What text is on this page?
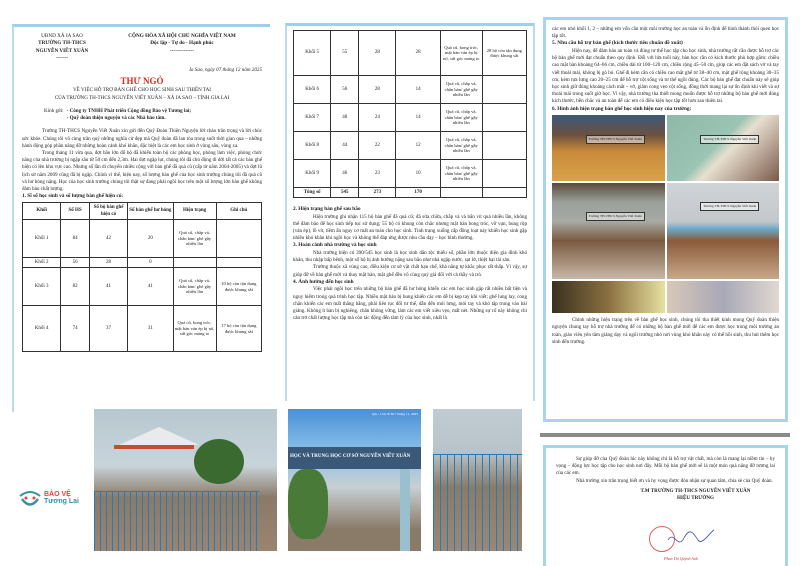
UBND XÃ IA SAO
TRƯỜNG TH-THCS
NGUYỄN VIẾT XUÂN
-------
CỘNG HÒA XÃ HỘI CHỦ NGHĨA VIỆT NAM
Độc lập - Tự do - Hạnh phúc
--------------
Ia Sao, ngày 07 tháng 12 năm 2025
THƯ NGỎ
VỀ VIỆC HỖ TRỢ BÀN GHẾ CHO HỌC SINH SAU THIÊN TAI
CỦA TRƯỜNG TH-THCS NGUYỄN VIẾT XUÂN – XÃ IA SAO – TỈNH GIA LAI
Kính gửi: - Công ty TNHH Phát triển Cộng đồng Bảo vệ Tương lai;
- Quỹ đoàn thiện nguyện và các Nhà hảo tâm.

Trường TH-THCS Nguyễn Viết Xuân xin gửi đến Quỹ Đoàn Thiện Nguyện lời chào trân trọng và lời chúc sức khỏe. Chúng tôi vô cùng trân quý những nghĩa cử đẹp mà Quỹ đoàn đã lan tỏa trong suốt thời gian qua – những hành động góp phần nâng đỡ những hoàn cảnh khó khăn, đặc biệt là các em học sinh ở vùng sâu, vùng xa.

Trong tháng 11 vừa qua, đợt bão lớn đổ bộ đã khiến toàn bộ các phòng học, phòng làm việc, phòng chức năng của nhà trường bị ngập sâu từ 50 cm đến 2,3m. Hai đợt ngập lụt, chúng tôi đã chủ động di dời tất cả các bàn ghế hiện có lên khu vực cao. Nhưng số lần di chuyển nhiều cộng với bàn ghế đã quá cũ (cấp từ năm 2004-2005) và đợt lũ lịch sử năm 2009 cũng đã bị ngập. Chính vì thế, hiện nay, số lượng bàn ghế của học sinh trường chúng tôi đã quá cũ và hư hỏng nặng. Học của học sinh trường chúng tôi thật sự đang phải ngồi học trên một số lượng lớn bàn ghế không đảm bảo chất lượng.

1. Sĩ số học sinh và số lượng bàn ghế hiện có:
Khối	Số HS	Số bộ bàn ghế hiện có	Số bàn ghế hư hỏng	Hiện trạng	Ghi chú
Khối 1	84	42	20	Quá cũ, chắp vá, chân bàn/ ghế gãy nhiều lần	
Khối 2	56	28	0		
Khối 3	82	41	41	Quá cũ, chắp vá, chân bàn/ ghế gãy nhiều lần	10 bộ còn tận dụng được khung sắt
Khối 4	74	37	31	Quá cũ, bong tróc, mặt bàn ván ép bị nổ, sứt góc mảng to	17 bộ còn tận dụng được khung sắt
Khối 5	55	28	28	Quá cũ, bong tróc, mặt bàn ván ép bị nổ, sứt góc mảng to	28 bộ còn tận dụng được khung sắt
Khối 6	56	28	14	Quá cũ, chắp vá, chân bàn/ ghế gãy nhiều lần	
Khối 7	48	24	14	Quá cũ, chắp vá, chân bàn/ ghế gãy nhiều lần	
Khối 8	44	22	12	Quá cũ, chắp vá, chân bàn/ ghế gãy nhiều lần	
Khối 9	46	23	10	Quá cũ, chắp vá, chân bàn/ ghế gãy nhiều lần	
Tổng số	545	273	170		
2. Hiện trạng bàn ghế sau bão

Hiện trường ghi nhận 115 bộ bàn ghế đã quá cũ; đã sửa chữa, chắp vá và bắn vít quá nhiều lần, không thể đảm bảo để học sinh tiếp tục sử dụng; 55 bộ có khung còn chắc nhưng mặt bàn bong tróc, vỡ vụn, bung rộp (ván ép), lồ vít, tiềm ẩn nguy cơ mất an toàn cho học sinh. Tình trạng xuống cấp đồng loạt này khiến học sinh gặp nhiều khó khăn khi ngồi học và không thể đáp ứng được nhu cầu dạy – học bình thường.

3. Hoàn cảnh nhà trường và học sinh

Nhà trường hiện có 390/545 học sinh là học sinh dân tộc thiểu số, phần lớn thuộc diện gia đình khó khăn, thu nhập bấp bênh, một số hộ bị ảnh hưởng nặng sau bão như nhà ngập nước, sạt lở, thiệt hại tài sản.

Trường thuộc xã vùng cao, điều kiện cơ sở vật chất hạn chế, khả năng tự khắc phục rất thấp. Vì vậy, sự giúp đỡ về bàn ghế mới và thay mặt bàn, mặt ghế đều vô cùng quý giá đối với cả thầy và trò.

4. Ảnh hưởng đến học sinh

Việc phải ngồi học trên những bộ bàn ghế đã hư hỏng khiến các em học sinh gặp rất nhiều bất tiện và nguy hiểm trong quá trình học tập. Nhiều mặt bàn bị bung khiến các em dễ bị kẹp tay khi viết; ghế lung lay, cong chân khiến các em mất thăng bằng, phải liên tục đổi tư thế, dẫn đến mỏi lưng, mỏi tay và khó tập trung vào bài giảng. Không ít bàn bị nghiêng, chân không vững, làm các em viết xiêu vẹo, mất nét. Những sự cố này không chỉ cản trở chất lượng học tập mà còn tác động đến tâm lý của học sinh, nhất là

các em nhỏ khối 1, 2 – những em vốn cần một môi trường học an toàn và ổn định để hình thành thói quen học tập tốt.

5. Nhu cầu hỗ trợ bàn ghế (kích thước tiêu chuẩn đề xuất)

Hiện nay, để đảm bảo an toàn và đúng tư thế học tập cho học sinh, nhà trường rất cần được hỗ trợ các bộ bàn ghế mới đạt chuẩn theo quy định. Đối với lứa tuổi này, bàn học cần có kích thước phù hợp gồm: chiều cao mặt bàn khoảng 64–66 cm, chiều dài từ 100–120 cm, chiều rộng 45–50 cm, giúp các em đặt sách vở và tay viết thoải mái, không bị gò bó. Ghế đi kèm cần có chiều cao mặt ghế từ 38–40 cm, mặt ghế rộng khoảng 30–35 cm, kèm tựa lưng cao 20–25 cm để hỗ trợ cột sống và tư thế ngồi đúng. Các bộ bàn ghế đạt chuẩn này sẽ giúp học sinh giữ đúng khoảng cách mắt – vở, giảm cong vẹo cột sống, đồng thời mang lại sự ổn định khi viết và sự thoải mái trong suốt giờ học. Vì vậy, nhà trường tha thiết mong muốn được hỗ trợ những bộ bàn ghế mới đúng kích thước, bền chắc và an toàn để các em có điều kiện học tập tốt hơn sau thiên tai.

6. Hình ảnh hiện trạng bàn ghế học sinh hiện nay của trường:
Trường TH-THCS Nguyễn Viết Xuân	Trường TH-THCS Nguyễn Viết Xuân
Trường TH-THCS Nguyễn Viết Xuân
Trường TH-THCS Nguyễn Viết Xuân

Chính những hiện trạng trên về bàn ghế học sinh, chúng tôi tha thiết kính mong Quỹ đoàn thiện nguyện chung tay hỗ trợ nhà trường để có những bộ bàn ghế mới để các em được học trong môi trường an toàn, giáo viên yên tâm giảng dạy và ngôi trường nhỏ nơi vùng khó khăn này có thể hồi sinh, thu hút thêm học sinh đến trường.

Sự giúp đỡ của Quỹ đoàn lúc này không chỉ là hỗ trợ vật chất, mà còn là mang lại niềm tin – hy vọng – động lực học tập cho học sinh nơi đây. Mỗi bộ bàn ghế mới sẽ là một món quà nâng đỡ tương lai của các em.

Nhà trường xin trân trọng biết ơn và hy vọng được đón nhận sự quan tâm, chia sẻ của Quỹ đoàn.

T.M TRƯỜNG TH-THCS NGUYỄN VIẾT XUÂN
HIỆU TRƯỞNG
Phan Thị Quỳnh Anh
BẢO VỆ
Tương Lai
QA - 1 lúc 9:36 7 tháng 11, 2025
HỌC VÀ TRUNG HỌC CƠ SỞ NGUYỄN VIẾT XUÂN
